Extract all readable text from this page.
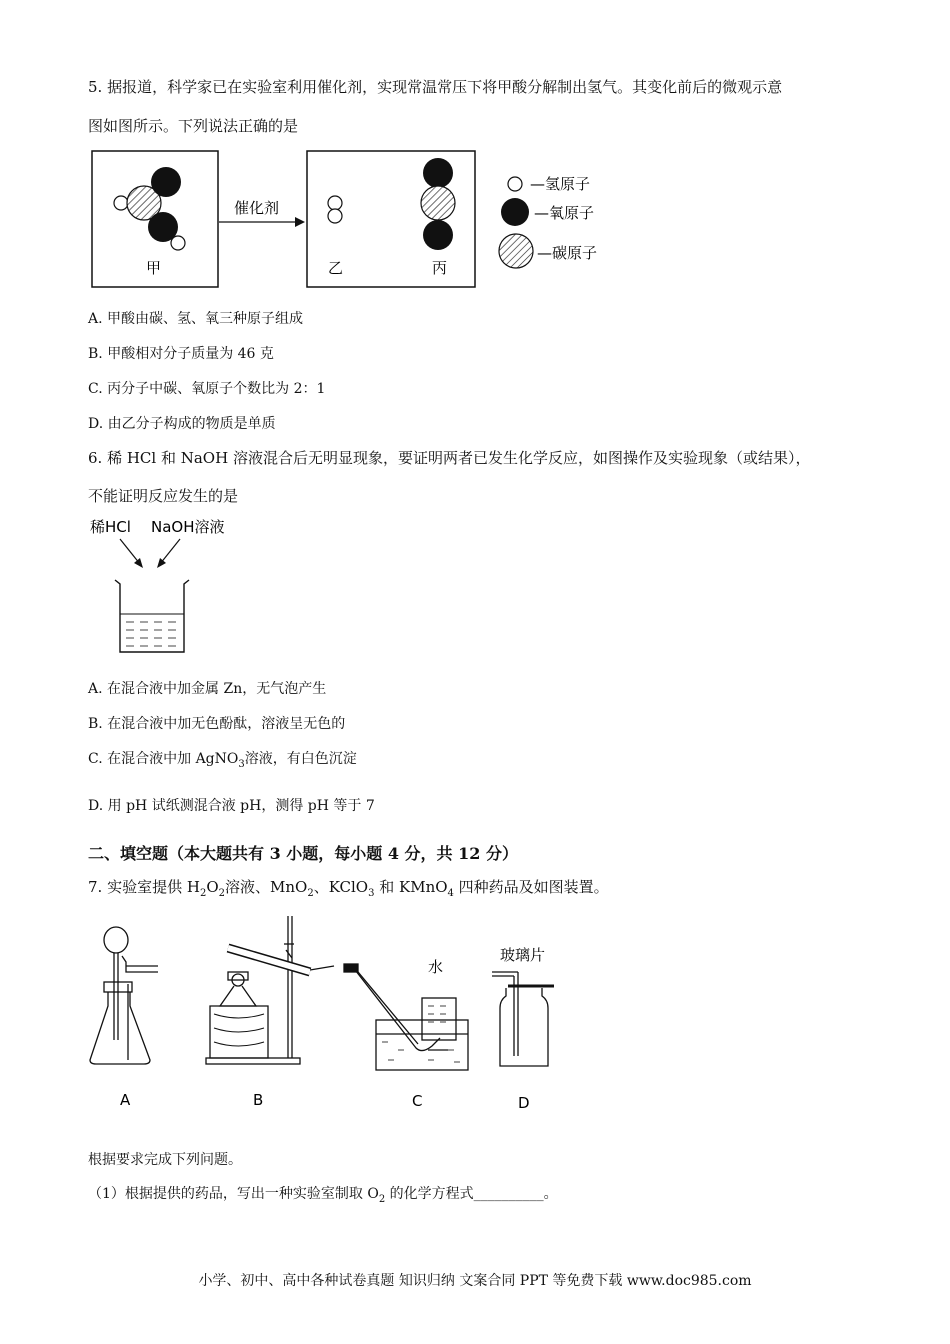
5. 据报道，科学家已在实验室利用催化剂，实现常温常压下将甲酸分解制出氢气。其变化前后的微观示意
图如图所示。下列说法正确的是
甲
催化剂
乙	丙
—氢原子
—氧原子
—碳原子
A. 甲酸由碳、氢、氧三种原子组成
B. 甲酸相对分子质量为 46 克
C. 丙分子中碳、氧原子个数比为 2：1
D. 由乙分子构成的物质是单质
6. 稀 HCl 和 NaOH 溶液混合后无明显现象，要证明两者已发生化学反应，如图操作及实验现象（或结果），
不能证明反应发生的是
稀HCl NaOH溶液
A. 在混合液中加金属 Zn，无气泡产生
B. 在混合液中加无色酚酞，溶液呈无色的
C. 在混合液中加 AgNO$_3$溶液，有白色沉淀
D. 用 pH 试纸测混合液 pH，测得 pH 等于 7
二、填空题（本大题共有 3 小题，每小题 4 分，共 12 分）
7. 实验室提供 $H_2O_2$溶液、MnO$_2$、KClO$_3$ 和 KMnO$_4$ 四种药品及如图装置。
A	B
水
C
玻璃片
D
根据要求完成下列问题。
（1）根据提供的药品，写出一种实验室制取 $O_2$ 的化学方程式__________。
小学、初中、高中各种试卷真题 知识归纳 文案合同 PPT 等免费下载 www.doc985.com
